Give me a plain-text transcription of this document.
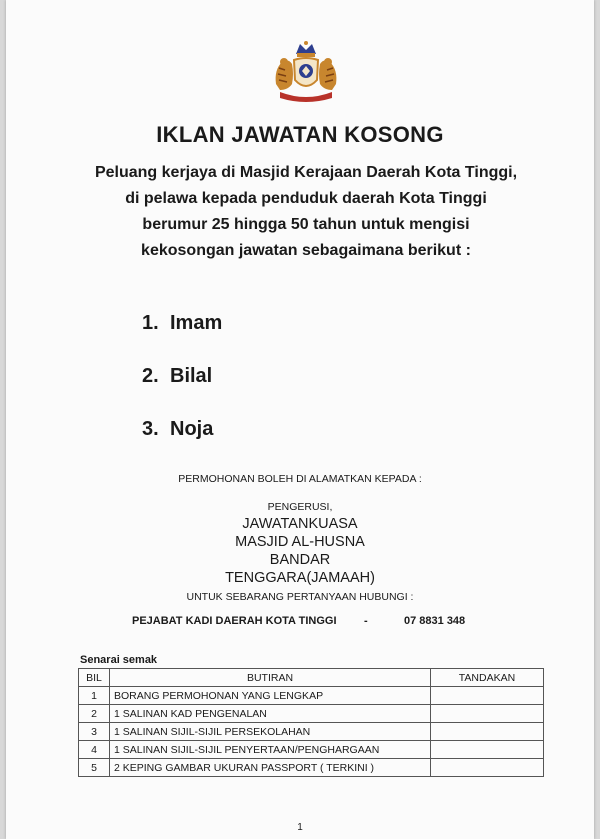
IKLAN JAWATAN KOSONG
Peluang kerjaya di Masjid Kerajaan Daerah Kota Tinggi,
di pelawa kepada penduduk daerah Kota Tinggi
berumur 25 hingga 50 tahun untuk mengisi
kekosongan jawatan sebagaimana berikut :
1. Imam
2. Bilal
3. Noja
PERMOHONAN BOLEH DI ALAMATKAN KEPADA :
PENGERUSI,
JAWATANKUASA
MASJID AL-HUSNA
BANDAR
TENGGARA(JAMAAH)
UNTUK SEBARANG PERTANYAAN HUBUNGI :
PEJABAT KADI DAERAH KOTA TINGGI -	07 8831 348
Senarai semak
BIL	BUTIRAN	TANDAKAN
1	BORANG PERMOHONAN YANG LENGKAP	
2	1 SALINAN KAD PENGENALAN	
3	1 SALINAN SIJIL-SIJIL PERSEKOLAHAN	
4	1 SALINAN SIJIL-SIJIL PENYERTAAN/PENGHARGAAN	
5	2 KEPING GAMBAR UKURAN PASSPORT ( TERKINI )	
1
